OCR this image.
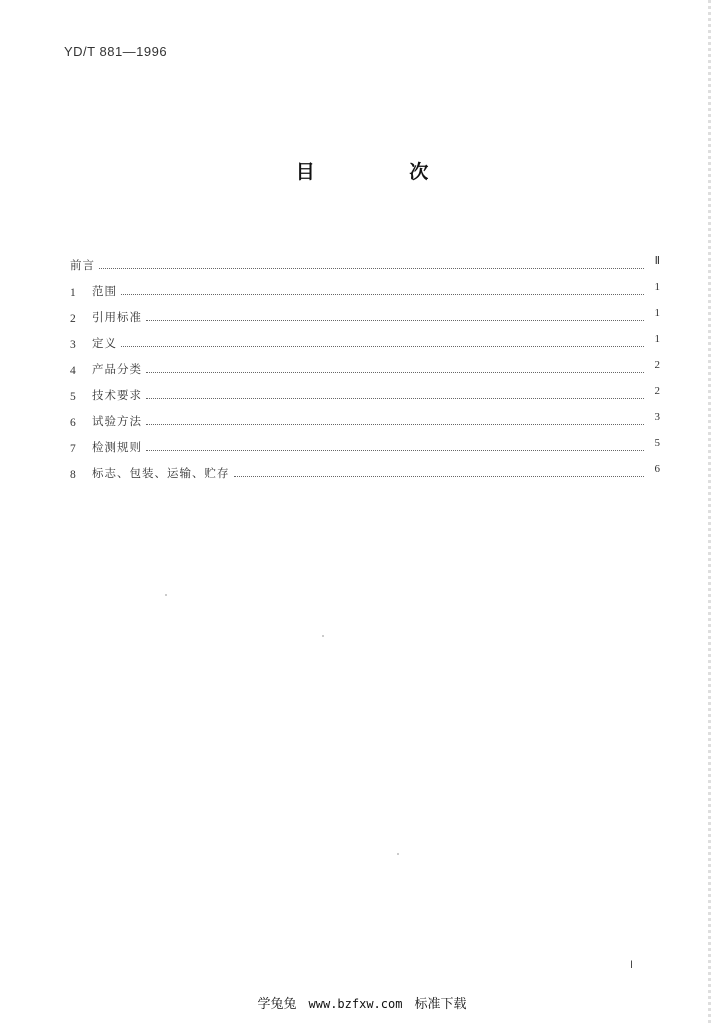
YD/T 881—1996
目 次
前言	Ⅱ
1	范围	1
2	引用标准	1
3	定义	1
4	产品分类	2
5	技术要求	2
6	试验方法	3
7	检测规则	5
8	标志、包装、运输、贮存	6
Ⅰ
学兔兔 www.bzfxw.com 标准下载
